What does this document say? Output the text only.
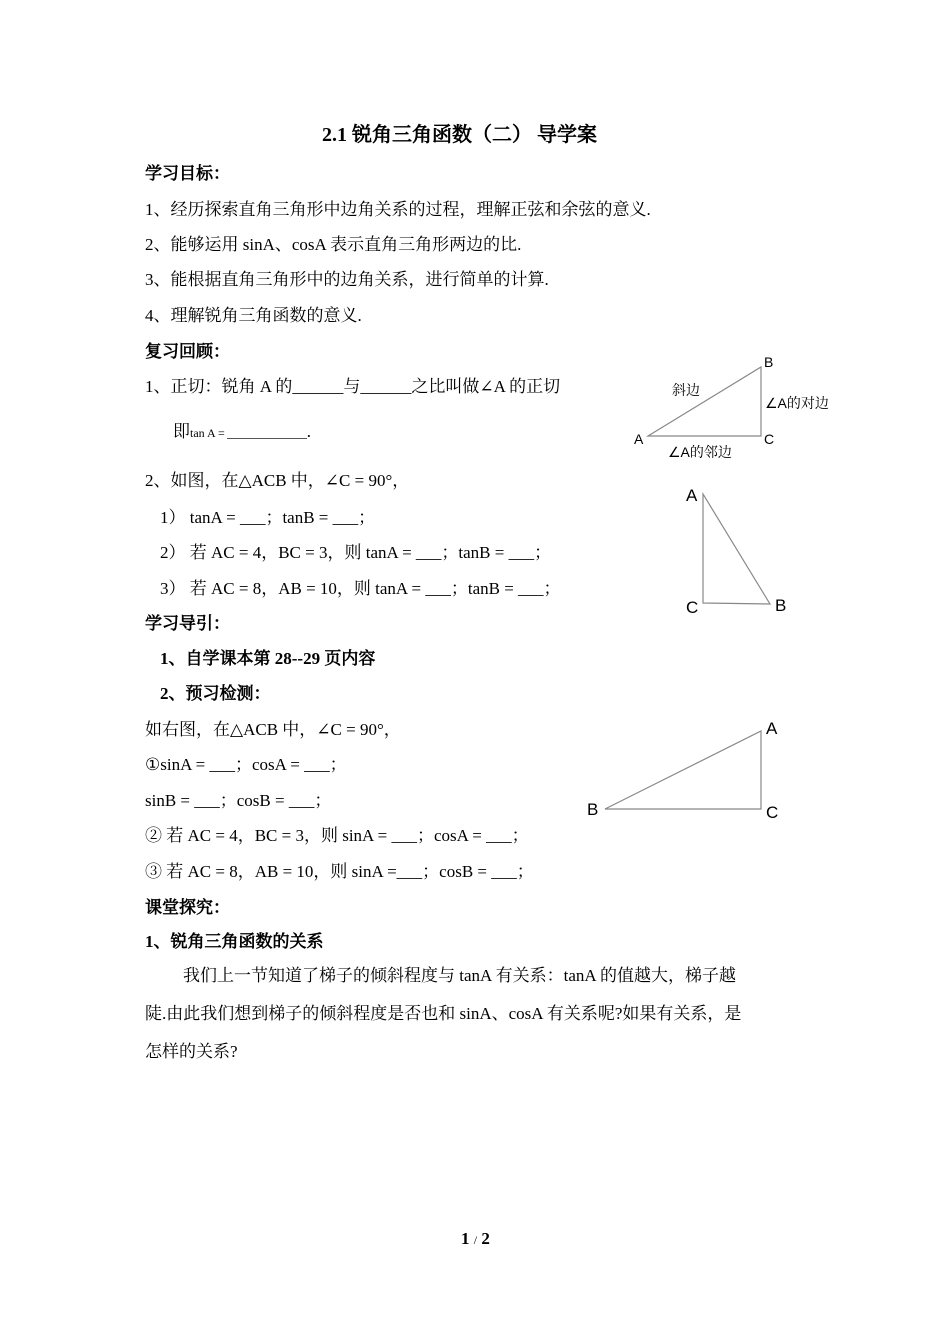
2.1 锐角三角函数（二） 导学案
学习目标：
1、经历探索直角三角形中边角关系的过程，理解正弦和余弦的意义.
2、能够运用 sinA、cosA 表示直角三角形两边的比.
3、能根据直角三角形中的边角关系，进行简单的计算.
4、理解锐角三角函数的意义.
复习回顾：
1、正切：锐角 A 的______与______之比叫做∠A 的正切
即tan A =	.
2、如图，在△ACB 中，∠C = 90°，
1） tanA = ___；tanB = ___；
2） 若 AC = 4，BC = 3，则 tanA = ___；tanB = ___；
3） 若 AC = 8，AB = 10，则 tanA = ___；tanB = ___；
学习导引：
1、自学课本第 28--29 页内容
2、预习检测：
如右图，在△ACB 中，∠C = 90°，
①sinA = ___；cosA = ___；
sinB = ___；cosB = ___；
② 若 AC = 4，BC = 3，则 sinA = ___；cosA = ___；
③ 若 AC = 8，AB = 10，则 sinA =___；cosB = ___；
课堂探究：
1、锐角三角函数的关系
我们上一节知道了梯子的倾斜程度与 tanA 有关系：tanA 的值越大，梯子越
陡.由此我们想到梯子的倾斜程度是否也和 sinA、cosA 有关系呢?如果有关系，是
怎样的关系?
B
斜边
∠A的对边
A	C
∠A的邻边
A
C	B
A
B	C
1 / 2
